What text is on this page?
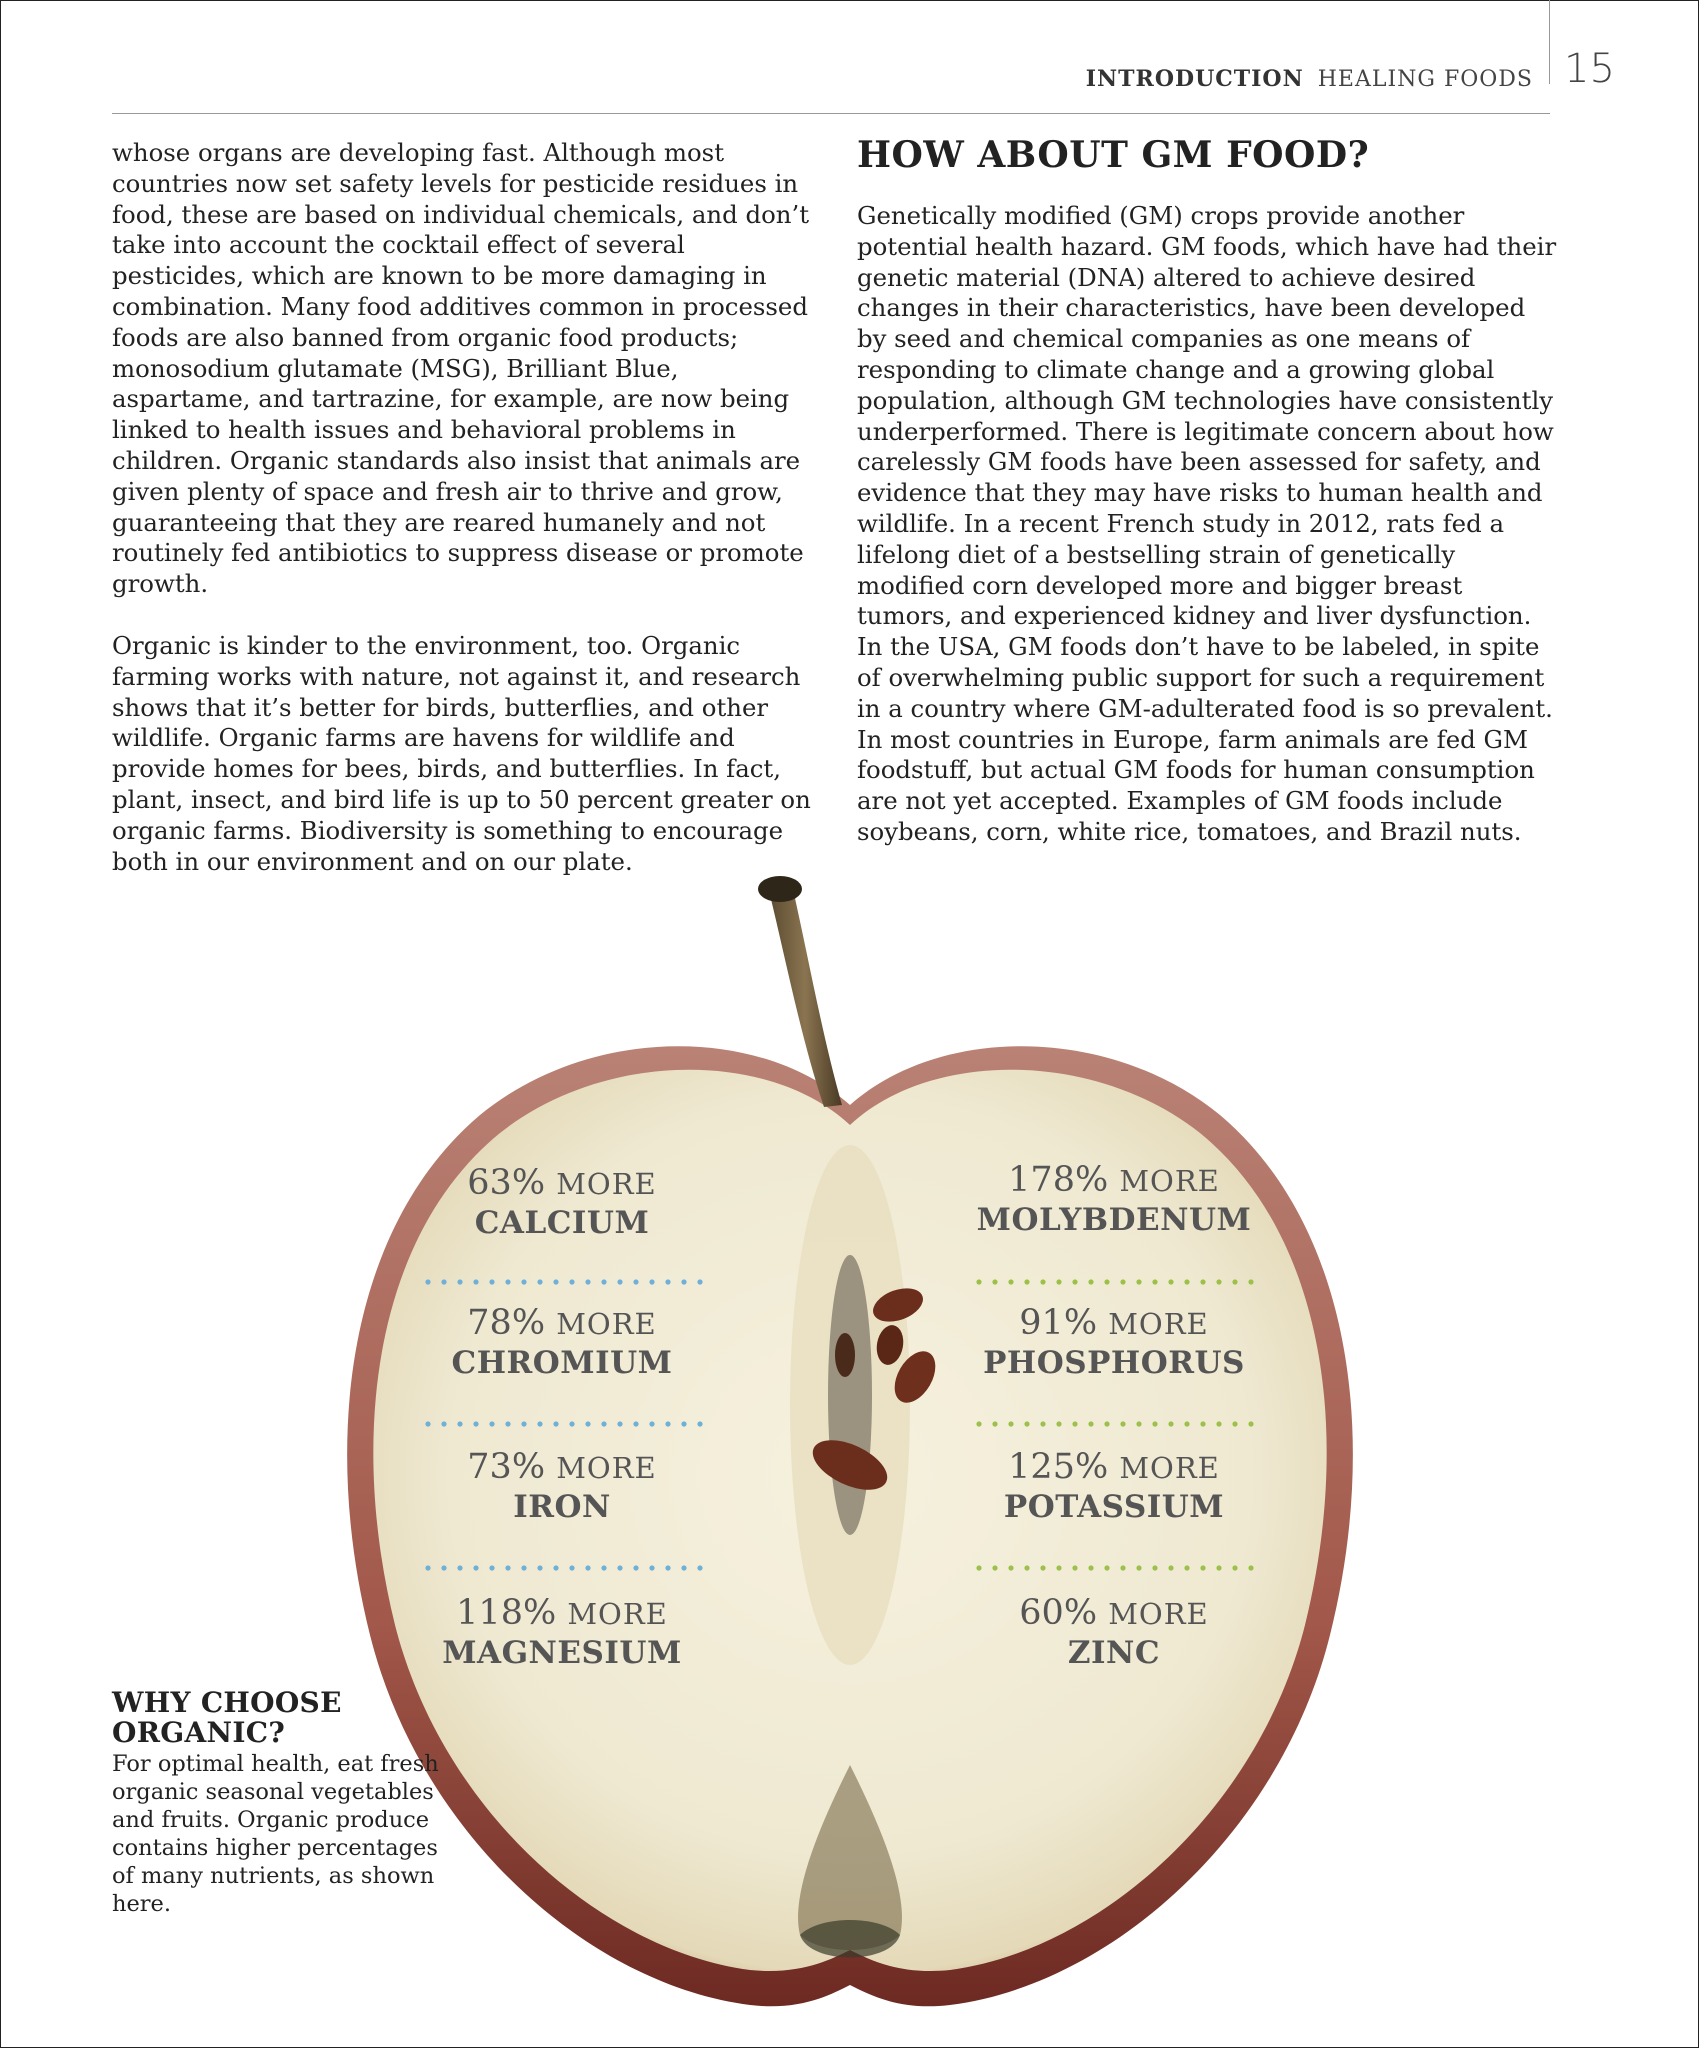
INTRODUCTION HEALING FOODS 15

whose organs are developing fast. Although most countries now set safety levels for pesticide residues in food, these are based on individual chemicals, and don’t take into account the cocktail effect of several pesticides, which are known to be more damaging in combination. Many food additives common in processed foods are also banned from organic food products; monosodium glutamate (MSG), Brilliant Blue, aspartame, and tartrazine, for example, are now being linked to health issues and behavioral problems in children. Organic standards also insist that animals are given plenty of space and fresh air to thrive and grow, guaranteeing that they are reared humanely and not routinely fed antibiotics to suppress disease or promote growth.

Organic is kinder to the environment, too. Organic farming works with nature, not against it, and research shows that it’s better for birds, butterflies, and other wildlife. Organic farms are havens for wildlife and provide homes for bees, birds, and butterflies. In fact, plant, insect, and bird life is up to 50 percent greater on organic farms. Biodiversity is something to encourage both in our environment and on our plate.

HOW ABOUT GM FOOD?

Genetically modified (GM) crops provide another potential health hazard. GM foods, which have had their genetic material (DNA) altered to achieve desired changes in their characteristics, have been developed by seed and chemical companies as one means of responding to climate change and a growing global population, although GM technologies have consistently underperformed. There is legitimate concern about how carelessly GM foods have been assessed for safety, and evidence that they may have risks to human health and wildlife. In a recent French study in 2012, rats fed a lifelong diet of a bestselling strain of genetically modified corn developed more and bigger breast tumors, and experienced kidney and liver dysfunction. In the USA, GM foods don’t have to be labeled, in spite of overwhelming public support for such a requirement in a country where GM-adulterated food is so prevalent. In most countries in Europe, farm animals are fed GM foodstuff, but actual GM foods for human consumption are not yet accepted. Examples of GM foods include soybeans, corn, white rice, tomatoes, and Brazil nuts.

63% MORE
CALCIUM
78% MORE
CHROMIUM
73% MORE
IRON
118% MORE
MAGNESIUM
178% MORE
MOLYBDENUM
91% MORE
PHOSPHORUS
125% MORE
POTASSIUM
60% MORE
ZINC
WHY CHOOSE ORGANIC?
For optimal health, eat fresh organic seasonal vegetables and fruits. Organic produce contains higher percentages of many nutrients, as shown here.
